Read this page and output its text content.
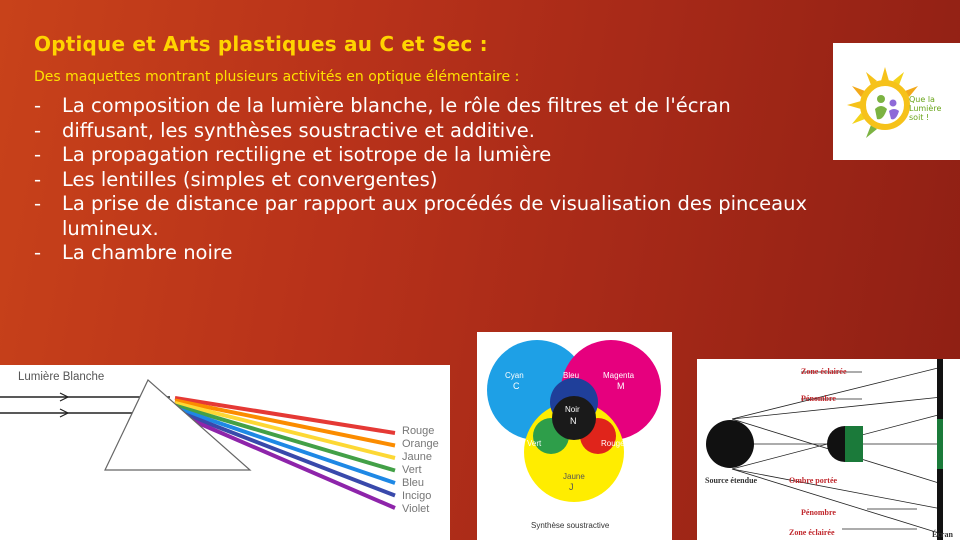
Optique et Arts plastiques au C et Sec :
Des maquettes montrant plusieurs activités en optique élémentaire :
- La composition de la lumière blanche, le rôle des filtres et de l'écran
- diffusant, les synthèses soustractive et additive.
- La propagation rectiligne et isotrope de la lumière
- Les lentilles (simples et convergentes)
- La prise de distance par rapport aux procédés de visualisation des pinceaux
lumineux.
- La chambre noire
Que la
Lumière
soit !
Lumière Blanche
Rouge
Orange
Jaune
Vert
Bleu
Incigo
Violet
Cyan
C
Bleu	Magenta
M
Noir
N
Vert	Rouge
Jaune
J
Synthèse soustractive
Zone éclairée
Pénombre
Source étendue	Ombre portée
Pénombre
Zone éclairée	Écran
